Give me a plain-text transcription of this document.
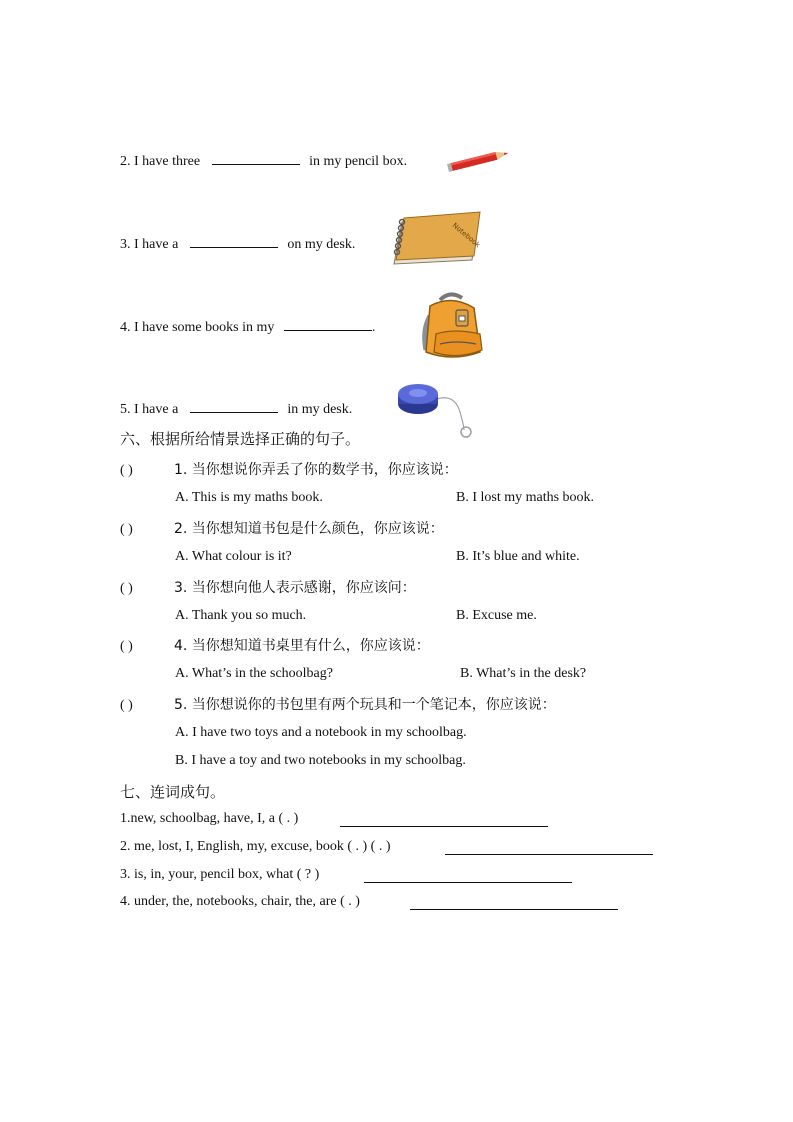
2. I have three	in my pencil box.
3. I have a	on my desk.
4. I have some books in my	.
5. I have a	in my desk.
Notebook
六、根据所给情景选择正确的句子。
( )	1. 当你想说你弄丢了你的数学书，你应该说：
A. This is my maths book.	B. I lost my maths book.
( )	2. 当你想知道书包是什么颜色，你应该说：
A. What colour is it?	B. It’s blue and white.
( )	3. 当你想向他人表示感谢，你应该问：
A. Thank you so much.	B. Excuse me.
( )	4. 当你想知道书桌里有什么，你应该说：
A. What’s in the schoolbag?	B. What’s in the desk?
( )	5. 当你想说你的书包里有两个玩具和一个笔记本，你应该说：
A. I have two toys and a notebook in my schoolbag.
B. I have a toy and two notebooks in my schoolbag.
七、连词成句。
1.new, schoolbag, have, I, a ( . )
2. me, lost, I, English, my, excuse, book ( . ) ( . )
3. is, in, your, pencil box, what ( ? )
4. under, the, notebooks, chair, the, are ( . )
